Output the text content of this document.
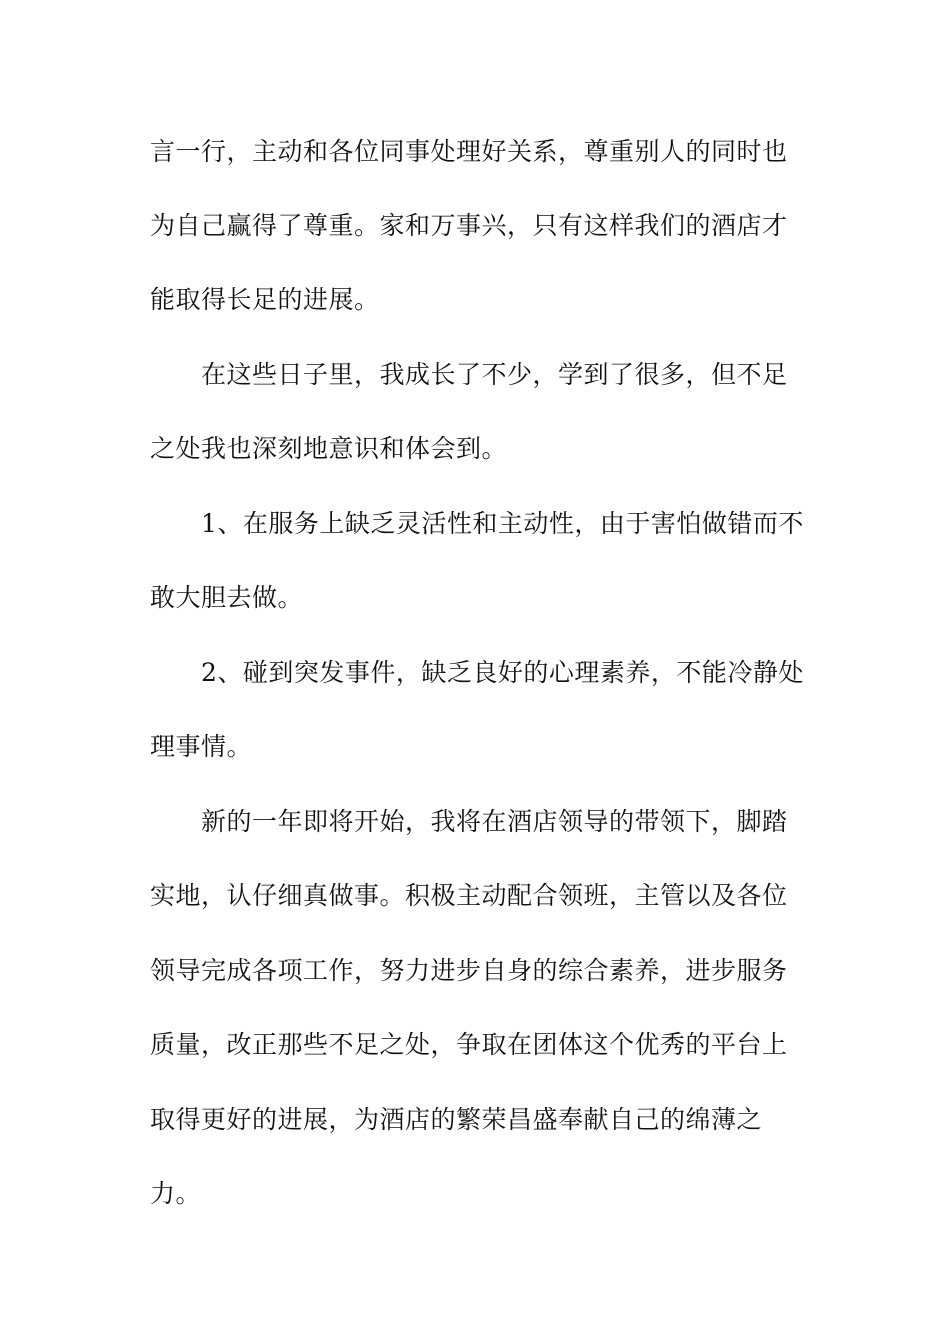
言一行，主动和各位同事处理好关系，尊重别人的同时也
为自己赢得了尊重。家和万事兴，只有这样我们的酒店才
能取得长足的进展。
在这些日子里，我成长了不少，学到了很多，但不足
之处我也深刻地意识和体会到。
1、在服务上缺乏灵活性和主动性，由于害怕做错而不
敢大胆去做。
2、碰到突发事件，缺乏良好的心理素养，不能冷静处
理事情。
新的一年即将开始，我将在酒店领导的带领下，脚踏
实地，认仔细真做事。积极主动配合领班，主管以及各位
领导完成各项工作，努力进步自身的综合素养，进步服务
质量，改正那些不足之处，争取在团体这个优秀的平台上
取得更好的进展，为酒店的繁荣昌盛奉献自己的绵薄之
力。
